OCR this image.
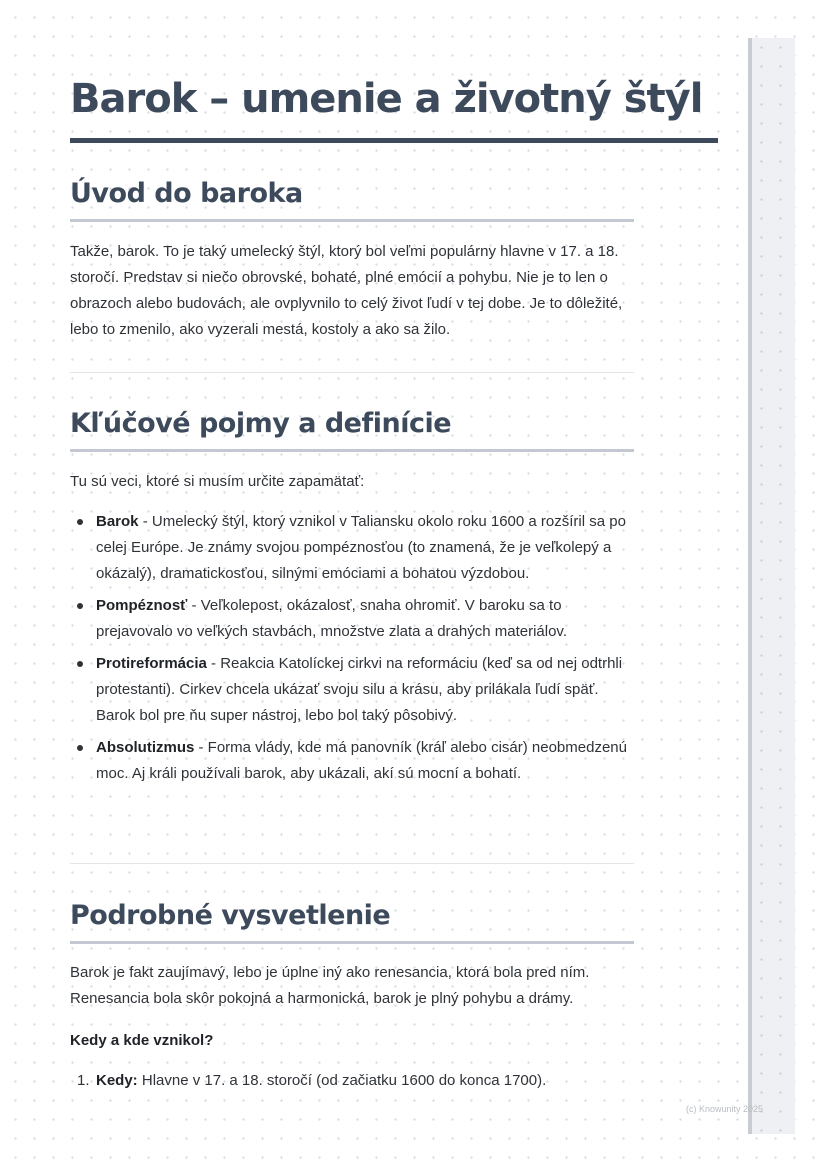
Barok – umenie a životný štýl
Úvod do baroka

Takže, barok. To je taký umelecký štýl, ktorý bol veľmi populárny hlavne v 17. a 18. storočí. Predstav si niečo obrovské, bohaté, plné emócií a pohybu. Nie je to len o obrazoch alebo budovách, ale ovplyvnilo to celý život ľudí v tej dobe. Je to dôležité, lebo to zmenilo, ako vyzerali mestá, kostoly a ako sa žilo.

Kľúčové pojmy a definície

Tu sú veci, ktoré si musím určite zapamätať:

Barok - Umelecký štýl, ktorý vznikol v Taliansku okolo roku 1600 a rozšíril sa po celej Európe. Je známy svojou pompéznosťou (to znamená, že je veľkolepý a okázalý), dramatickosťou, silnými emóciami a bohatou výzdobou.
Pompéznosť - Veľkolepost, okázalosť, snaha ohromiť. V baroku sa to prejavovalo vo veľkých stavbách, množstve zlata a drahých materiálov.
Protireformácia - Reakcia Katolíckej cirkvi na reformáciu (keď sa od nej odtrhli protestanti). Cirkev chcela ukázať svoju silu a krásu, aby prilákala ľudí späť. Barok bol pre ňu super nástroj, lebo bol taký pôsobivý.
Absolutizmus - Forma vlády, kde má panovník (kráľ alebo cisár) neobmedzenú moc. Aj králi používali barok, aby ukázali, akí sú mocní a bohatí.
Podrobné vysvetlenie

Barok je fakt zaujímavý, lebo je úplne iný ako renesancia, ktorá bola pred ním. Renesancia bola skôr pokojná a harmonická, barok je plný pohybu a drámy.

Kedy a kde vznikol?
1. Kedy: Hlavne v 17. a 18. storočí (od začiatku 1600 do konca 1700).
(c) Knowunity 2025
